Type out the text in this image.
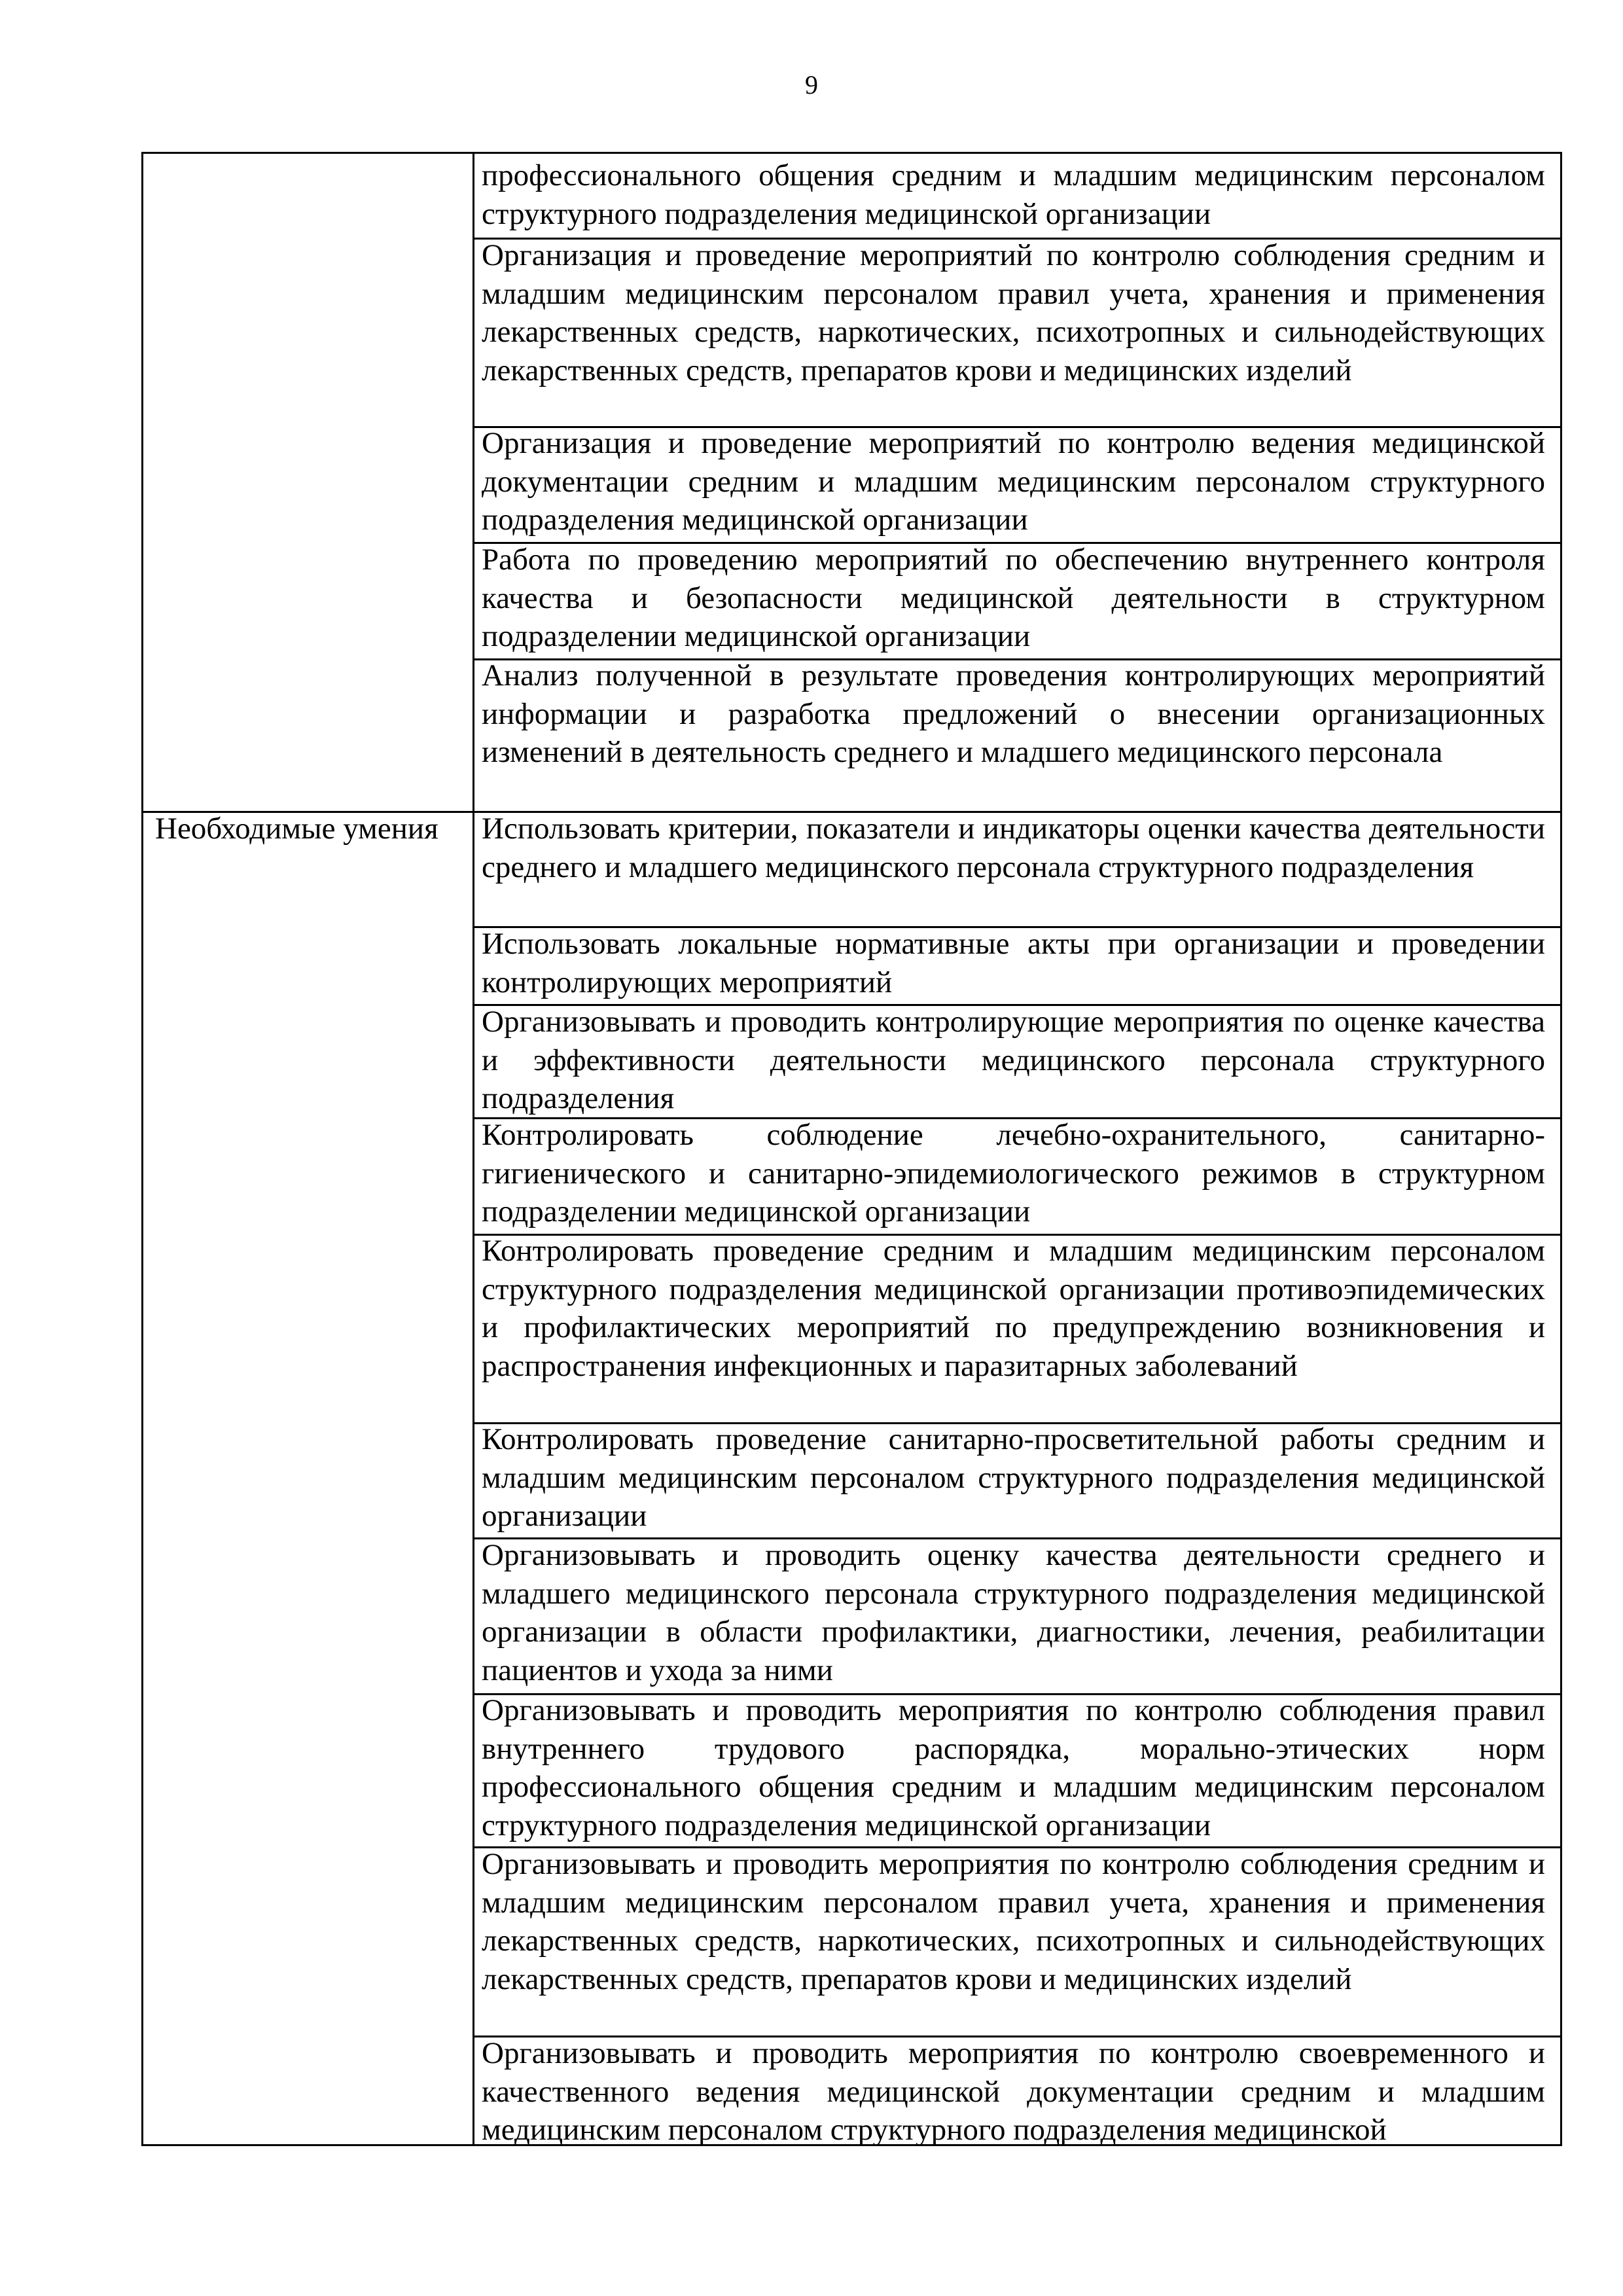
9
профессионального общения средним и младшим медицинским персоналом структурного подразделения медицинской организации
Организация и проведение мероприятий по контролю соблюдения средним и младшим медицинским персоналом правил учета, хранения и применения лекарственных средств, наркотических, психотропных и сильнодействующих лекарственных средств, препаратов крови и медицинских изделий
Организация и проведение мероприятий по контролю ведения медицинской документации средним и младшим медицинским персоналом структурного подразделения медицинской организации
Работа по проведению мероприятий по обеспечению внутреннего контроля качества и безопасности медицинской деятельности в структурном подразделении медицинской организации
Анализ полученной в результате проведения контролирующих мероприятий информации и разработка предложений о внесении организационных изменений в деятельность среднего и младшего медицинского персонала
Необходимые умения	Использовать критерии, показатели и индикаторы оценки качества деятельности среднего и младшего медицинского персонала структурного подразделения
Использовать локальные нормативные акты при организации и проведении контролирующих мероприятий
Организовывать и проводить контролирующие мероприятия по оценке качества и эффективности деятельности медицинского персонала структурного подразделения
Контролировать соблюдение лечебно-охранительного, санитарно-гигиенического и санитарно-эпидемиологического режимов в структурном подразделении медицинской организации
Контролировать проведение средним и младшим медицинским персоналом структурного подразделения медицинской организации противоэпидемических и профилактических мероприятий по предупреждению возникновения и распространения инфекционных и паразитарных заболеваний
Контролировать проведение санитарно-просветительной работы средним и младшим медицинским персоналом структурного подразделения медицинской организации
Организовывать и проводить оценку качества деятельности среднего и младшего медицинского персонала структурного подразделения медицинской организации в области профилактики, диагностики, лечения, реабилитации пациентов и ухода за ними
Организовывать и проводить мероприятия по контролю соблюдения правил внутреннего трудового распорядка, морально-этических норм профессионального общения средним и младшим медицинским персоналом структурного подразделения медицинской организации
Организовывать и проводить мероприятия по контролю соблюдения средним и младшим медицинским персоналом правил учета, хранения и применения лекарственных средств, наркотических, психотропных и сильнодействующих лекарственных средств, препаратов крови и медицинских изделий
Организовывать и проводить мероприятия по контролю своевременного и качественного ведения медицинской документации средним и младшим медицинским персоналом структурного подразделения медицинской
